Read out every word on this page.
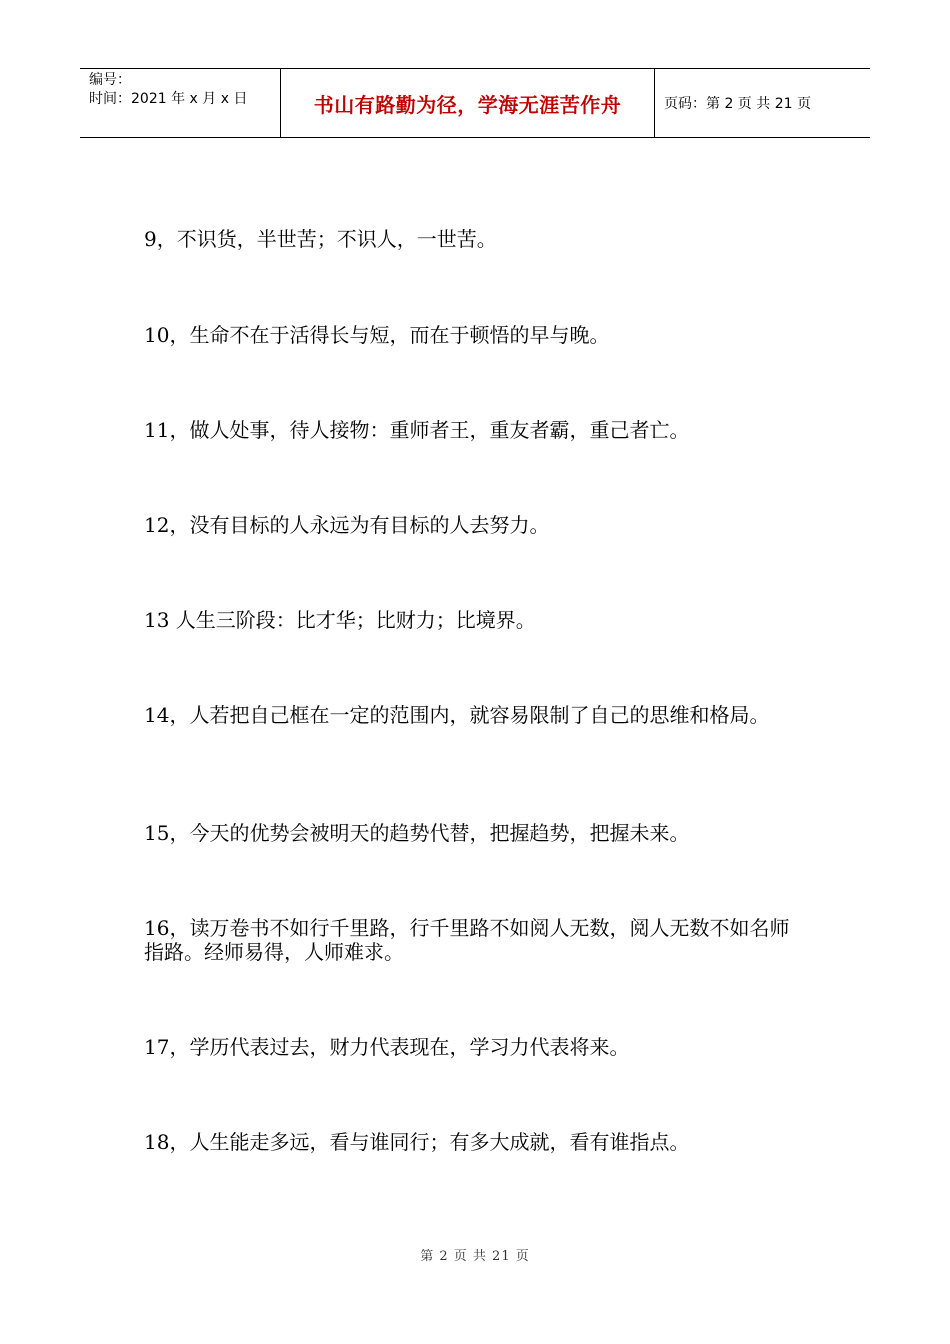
编号：
时间：2021 年 x 月 x 日	书山有路勤为径，学海无涯苦作舟	页码：第 2 页 共 21 页

9，不识货，半世苦；不识人，一世苦。

10，生命不在于活得长与短，而在于顿悟的早与晚。

11，做人处事，待人接物：重师者王，重友者霸，重己者亡。

12，没有目标的人永远为有目标的人去努力。

13 人生三阶段：比才华；比财力；比境界。

14，人若把自己框在一定的范围内，就容易限制了自己的思维和格局。

15，今天的优势会被明天的趋势代替，把握趋势，把握未来。

16，读万卷书不如行千里路，行千里路不如阅人无数，阅人无数不如名师指路。经师易得，人师难求。

17，学历代表过去，财力代表现在，学习力代表将来。

18，人生能走多远，看与谁同行；有多大成就，看有谁指点。

第 2 页 共 21 页
